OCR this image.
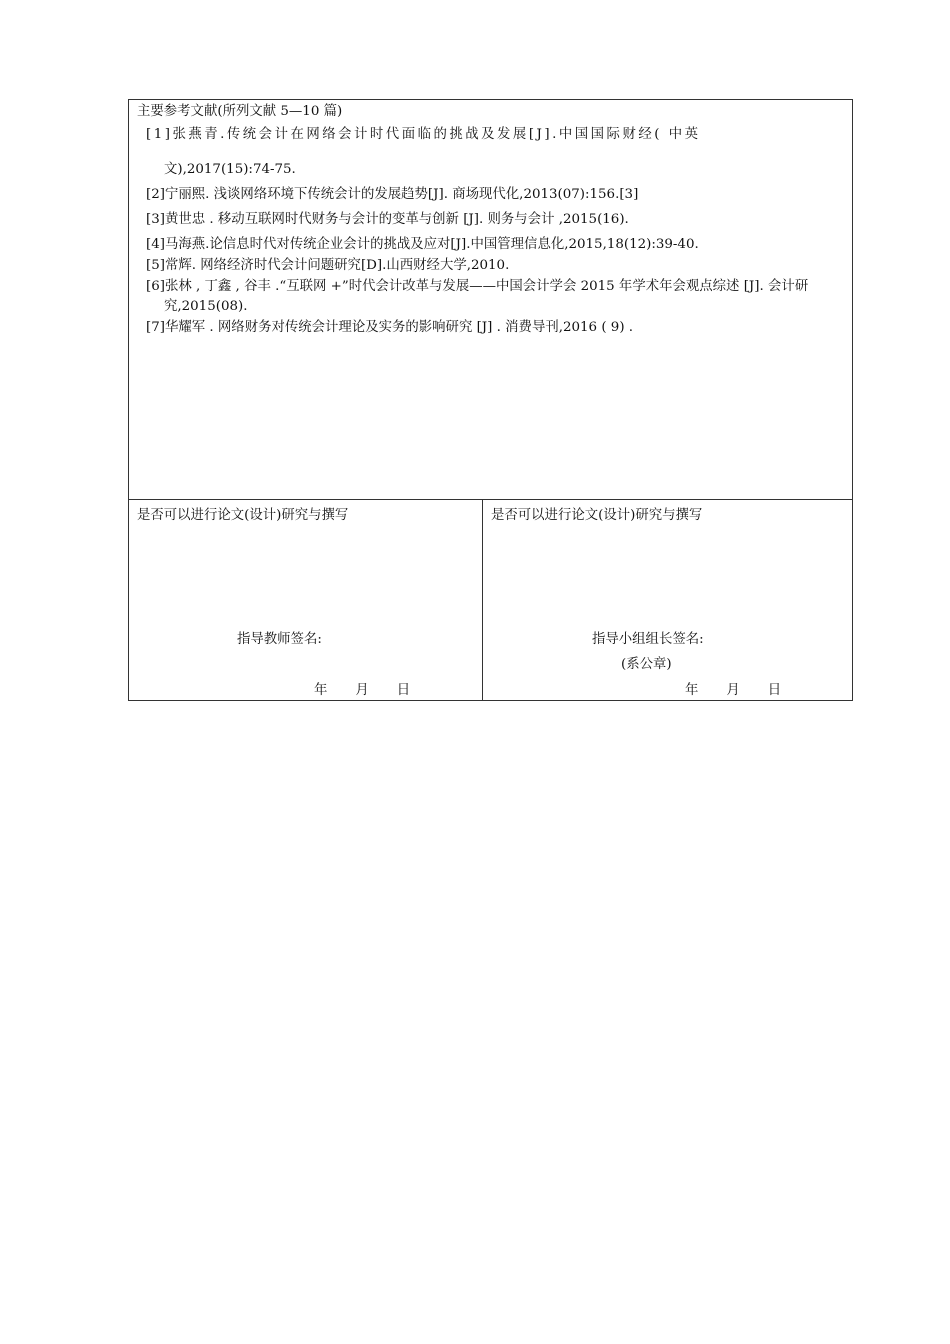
主要参考文献(所列文献 5—10 篇)

[1]张燕青.传统会计在网络会计时代面临的挑战及发展[J].中国国际财经( 中英
文),2017(15):74-75.

[2]宁丽熙. 浅谈网络环境下传统会计的发展趋势[J]. 商场现代化,2013(07):156.[3]

[3]黄世忠 . 移动互联网时代财务与会计的变革与创新 [J]. 则务与会计 ,2015(16).

[4]马海燕.论信息时代对传统企业会计的挑战及应对[J].中国管理信息化,2015,18(12):39-40.

[5]常辉. 网络经济时代会计问题研究[D].山西财经大学,2010.

[6]张林 , 丁鑫 , 谷丰 .“互联网 +”时代会计改革与发展——中国会计学会 2015 年学术年会观点综述 [J]. 会计研究,2015(08).

[7]华耀军 . 网络财务对传统会计理论及实务的影响研究 [J] . 消费导刊,2016 ( 9) .

是否可以进行论文(设计)研究与撰写

指导教师签名:
年 月 日

是否可以进行论文(设计)研究与撰写

指导小组组长签名:
(系公章)
年 月 日
